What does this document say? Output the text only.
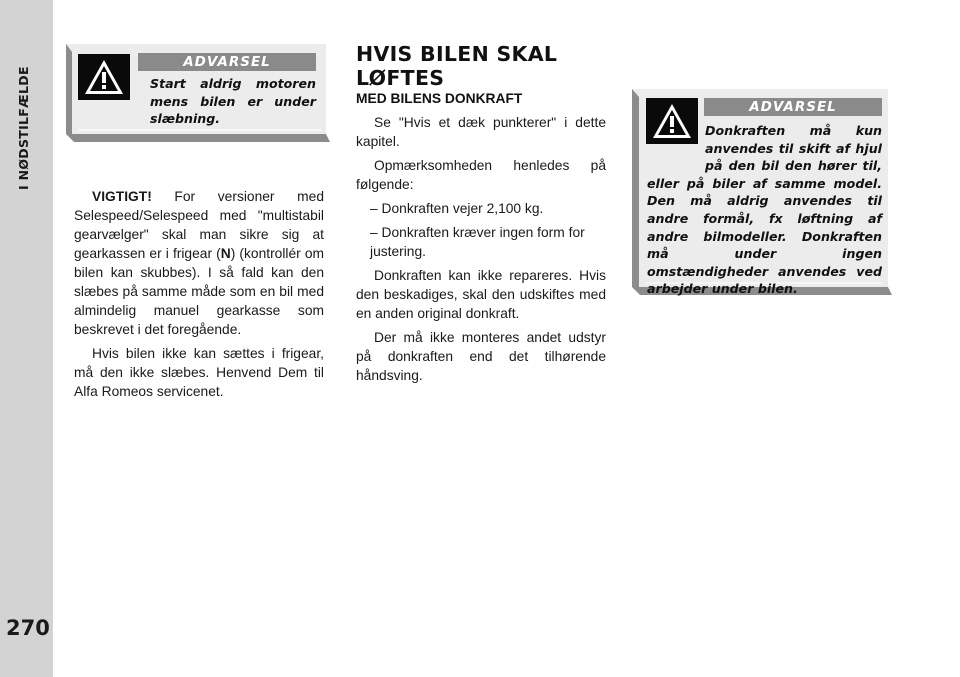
I NØDSTILFÆLDE
270
ADVARSEL
Start aldrig motoren mens bilen er under slæbning.

VIGTIGT! For versioner med Selespeed/Selespeed med "multistabil gearvælger" skal man sikre sig at gearkassen er i frigear (N) (kontrollér om bilen kan skubbes). I så fald kan den slæbes på samme måde som en bil med almindelig manuel gearkasse som beskrevet i det foregående.

Hvis bilen ikke kan sættes i frigear, må den ikke slæbes. Henvend Dem til Alfa Romeos servicenet.

HVIS BILEN SKAL LØFTES
MED BILENS DONKRAFT

Se "Hvis et dæk punkterer" i dette kapitel.

Opmærksomheden henledes på følgende:

– Donkraften vejer 2,100 kg.

– Donkraften kræver ingen form for justering.

Donkraften kan ikke repareres. Hvis den beskadiges, skal den udskiftes med en anden original donkraft.

Der må ikke monteres andet udstyr på donkraften end det tilhørende håndsving.

ADVARSEL
Donkraften må kun anvendes til skift af hjul på den bil den hører til, eller på biler af samme model. Den må aldrig anvendes til andre formål, fx løftning af andre bilmodeller. Donkraften må under ingen omstændigheder anvendes ved arbejder under bilen.
